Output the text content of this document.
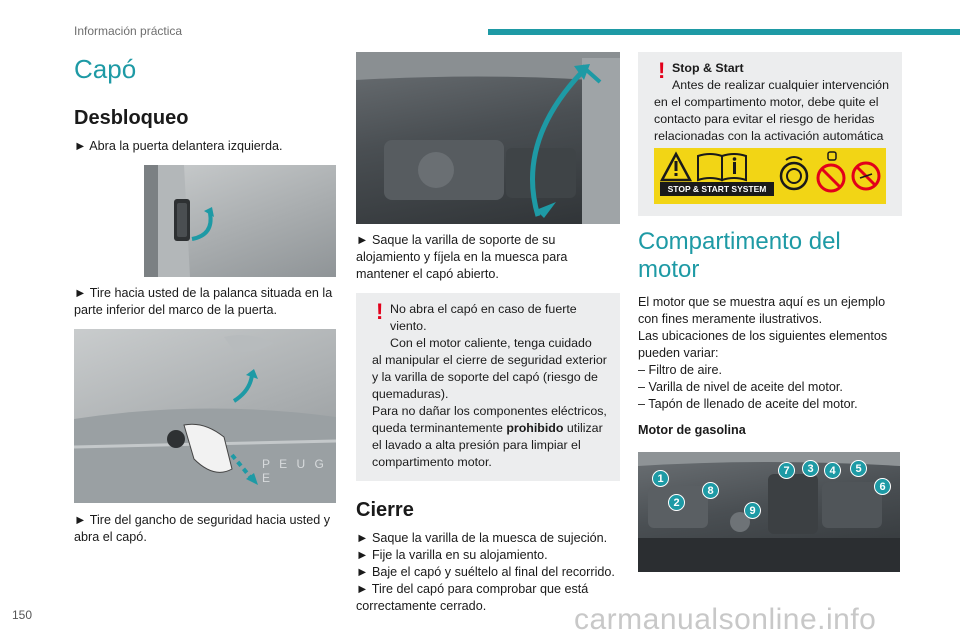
Información práctica
Capó
Desbloqueo

► Abra la puerta delantera izquierda.

► Tire hacia usted de la palanca situada en la parte inferior del marco de la puerta.

P E U G E

► Tire del gancho de seguridad hacia usted y abra el capó.

► Saque la varilla de soporte de su alojamiento y fíjela en la muesca para mantener el capó abierto.

! No abra el capó en caso de fuerte viento.

Con el motor caliente, tenga cuidado

al manipular el cierre de seguridad exterior y la varilla de soporte del capó (riesgo de quemaduras).

Para no dañar los componentes eléctricos, queda terminantemente prohibido utilizar el lavado a alta presión para limpiar el compartimento motor.

Cierre

► Saque la varilla de la muesca de sujeción.

► Fije la varilla en su alojamiento.

► Baje el capó y suéltelo al final del recorrido.

► Tire del capó para comprobar que está correctamente cerrado.

! Stop & Start

Antes de realizar cualquier intervención

en el compartimento motor, debe quite el contacto para evitar el riesgo de heridas relacionadas con la activación automática

STOP & START SYSTEM
Compartimento del motor

El motor que se muestra aquí es un ejemplo con fines meramente ilustrativos.

Las ubicaciones de los siguientes elementos pueden variar:

– Filtro de aire.

– Varilla de nivel de aceite del motor.

– Tapón de llenado de aceite del motor.

Motor de gasolina

1
2
3	4	5
6
7
8
9
150	carmanualsonline.info
